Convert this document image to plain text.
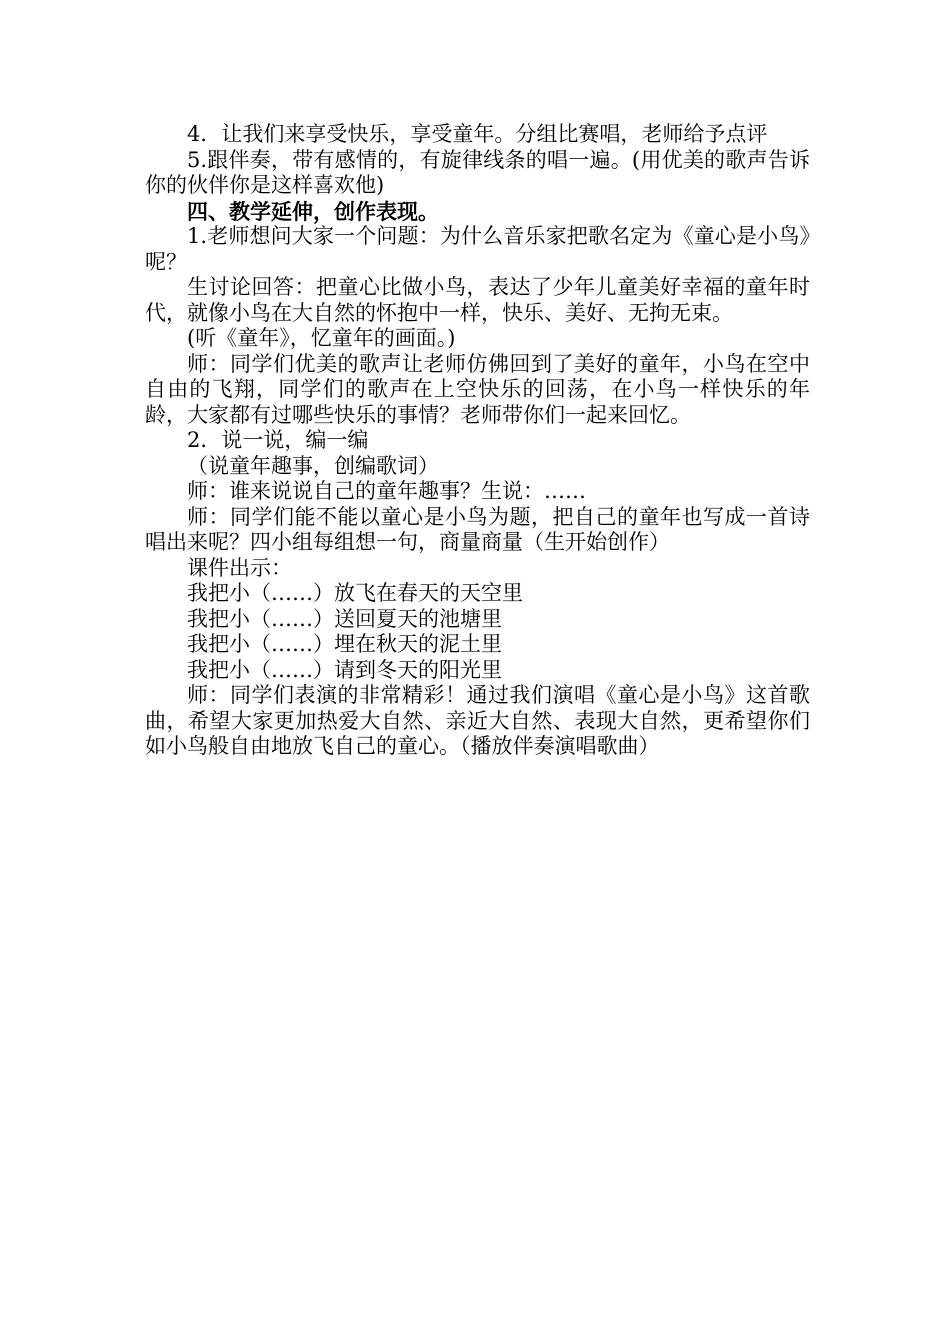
4．让我们来享受快乐，享受童年。分组比赛唱，老师给予点评

5.跟伴奏，带有感情的，有旋律线条的唱一遍。(用优美的歌声告诉你的伙伴你是这样喜欢他)

四、教学延伸，创作表现。

1.老师想问大家一个问题：为什么音乐家把歌名定为《童心是小鸟》呢？

生讨论回答：把童心比做小鸟，表达了少年儿童美好幸福的童年时代，就像小鸟在大自然的怀抱中一样，快乐、美好、无拘无束。

(听《童年》，忆童年的画面。)

师：同学们优美的歌声让老师仿佛回到了美好的童年，小鸟在空中自由的飞翔，同学们的歌声在上空快乐的回荡，在小鸟一样快乐的年龄，大家都有过哪些快乐的事情？老师带你们一起来回忆。

2．说一说，编一编

（说童年趣事，创编歌词）

师：谁来说说自己的童年趣事？生说：……

师：同学们能不能以童心是小鸟为题，把自己的童年也写成一首诗唱出来呢？四小组每组想一句，商量商量（生开始创作）

课件出示：

我把小（……）放飞在春天的天空里

我把小（……）送回夏天的池塘里

我把小（……）埋在秋天的泥土里

我把小（……）请到冬天的阳光里

师：同学们表演的非常精彩！通过我们演唱《童心是小鸟》这首歌曲，希望大家更加热爱大自然、亲近大自然、表现大自然，更希望你们如小鸟般自由地放飞自己的童心。（播放伴奏演唱歌曲）
